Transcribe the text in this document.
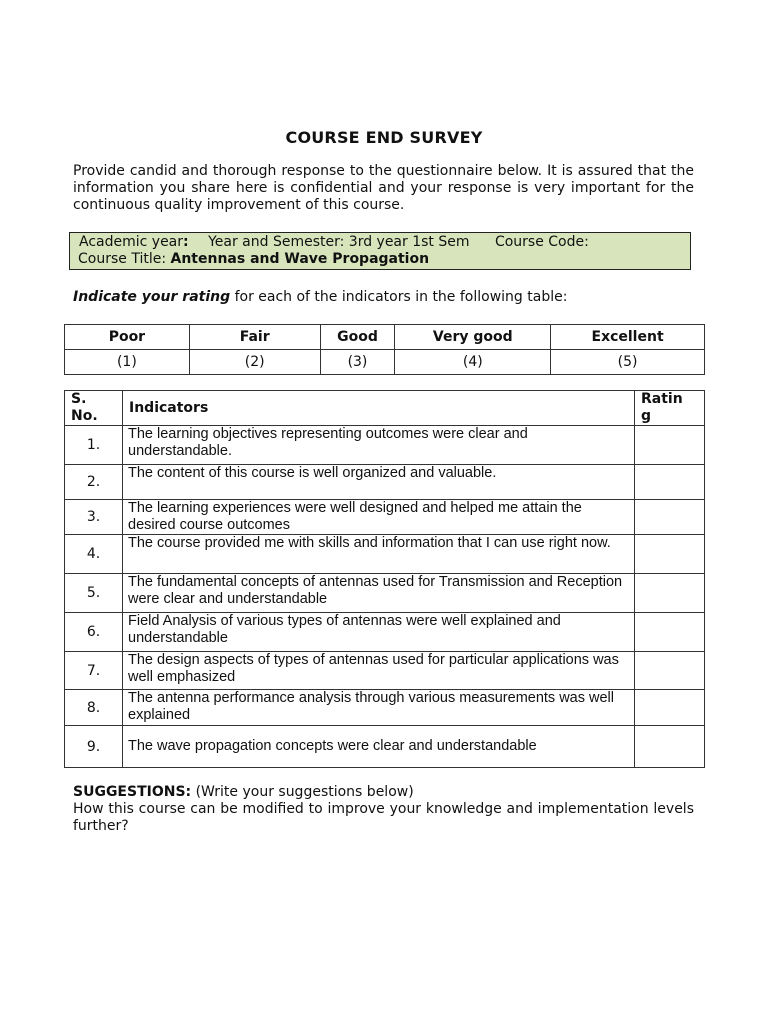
COURSE END SURVEY
Provide candid and thorough response to the questionnaire below. It is assured that the information you share here is confidential and your response is very important for the continuous quality improvement of this course.
Academic year: Year and Semester: 3rd year 1st Sem Course Code:
Course Title: Antennas and Wave Propagation
Indicate your rating for each of the indicators in the following table:
Poor	Fair	Good	Very good	Excellent
(1)	(2)	(3)	(4)	(5)
S.
No.	Indicators	Ratin
g
1.	The learning objectives representing outcomes were clear and understandable.	
2.	The content of this course is well organized and valuable.	
3.	The learning experiences were well designed and helped me attain the desired course outcomes	
4.	The course provided me with skills and information that I can use right now.	
5.	The fundamental concepts of antennas used for Transmission and Reception were clear and understandable	
6.	Field Analysis of various types of antennas were well explained and understandable	
7.	The design aspects of types of antennas used for particular applications was well emphasized	
8.	The antenna performance analysis through various measurements was well explained	
9.	The wave propagation concepts were clear and understandable	
SUGGESTIONS: (Write your suggestions below)
How this course can be modified to improve your knowledge and implementation levels further?
